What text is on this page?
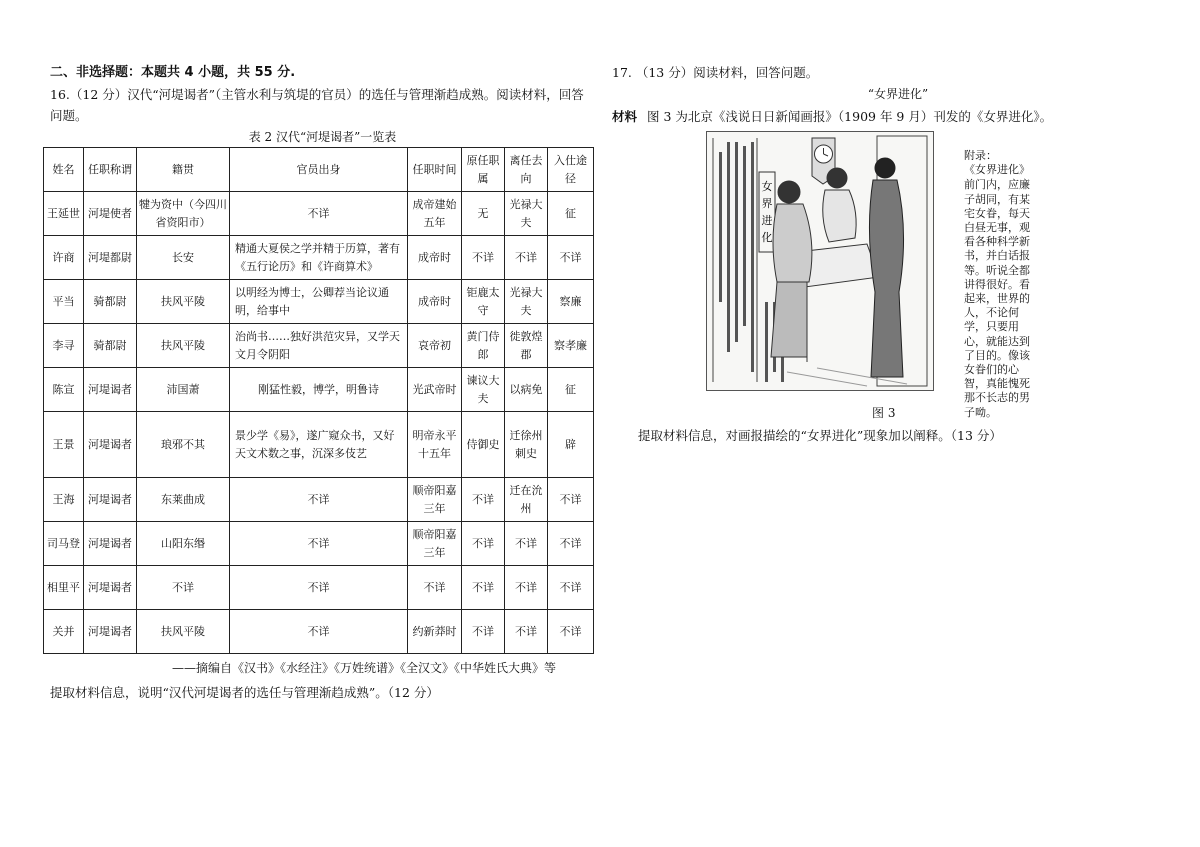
二、非选择题：本题共 4 小题，共 55 分.
16.（12 分）汉代“河堤谒者”（主管水利与筑堤的官员）的选任与管理渐趋成熟。阅读材料，回答问题。
表 2 汉代“河堤谒者”一览表
姓名	任职称谓	籍贯	官员出身	任职时间	原任职属	离任去向	入仕途径
王延世	河堤使者	犍为资中（今四川省资阳市）	不详	成帝建始五年	无	光禄大夫	征
许商	河堤都尉	长安	精通大夏侯之学并精于历算，著有《五行论历》和《许商算术》	成帝时	不详	不详	不详
平当	骑都尉	扶风平陵	以明经为博士，公卿荐当论议通明，给事中	成帝时	钜鹿太守	光禄大夫	察廉
李寻	骑都尉	扶风平陵	治尚书……独好洪范灾异，又学天文月令阴阳	哀帝初	黄门侍郎	徙敦煌郡	察孝廉
陈宣	河堤谒者	沛国萧	刚猛性毅，博学，明鲁诗	光武帝时	谏议大夫	以病免	征
王景	河堤谒者	琅邪不其	景少学《易》，遂广窥众书，又好天文术数之事，沉深多伎艺	明帝永平十五年	侍御史	迁徐州刺史	辟
王海	河堤谒者	东莱曲成	不详	顺帝阳嘉三年	不详	迁在沇州	不详
司马登	河堤谒者	山阳东缗	不详	顺帝阳嘉三年	不详	不详	不详
相里平	河堤谒者	不详	不详	不详	不详	不详	不详
关并	河堤谒者	扶风平陵	不详	约新莽时	不详	不详	不详
——摘编自《汉书》《水经注》《万姓统谱》《全汉文》《中华姓氏大典》等
提取材料信息，说明“汉代河堤谒者的选任与管理渐趋成熟”。（12 分）
17. （13 分）阅读材料，回答问题。
“女界进化”
材料 图 3 为北京《浅说日日新闻画报》（1909 年 9 月）刊发的《女界进化》。
女
界
进
化
附录：
《女界进化》
前门内，应廉子胡同，有某宅女眷，每天白昼无事，观看各种科学新书，并白话报等。听说全都讲得很好。看起来，世界的人，不论何学，只要用心，就能达到了目的。像该女眷们的心智，真能愧死那不长志的男子呦。
图 3
提取材料信息，对画报描绘的“女界进化”现象加以阐释。（13 分）
